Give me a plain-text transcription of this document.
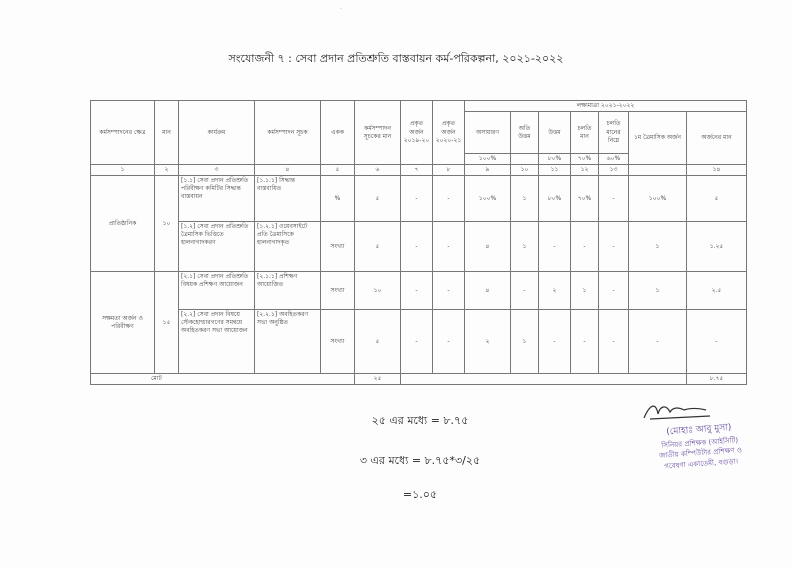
·
সংযোজনী ৭ : সেবা প্রদান প্রতিশ্রুতি বাস্তবায়ন কর্ম-পরিকল্পনা, ২০২১-২০২২
কর্মসম্পাদনের ক্ষেত্র	মান	কার্যক্রম	কর্মসম্পাদন সূচক	একক	কর্মসম্পাদন সূচকের মান	প্রকৃত অর্জন ২০১৯-২০	প্রকৃত অর্জন ২০২০-২১	লক্ষ্যমাত্রা ২০২১-২০২২						
								অসাধারণ	অতি উত্তম	উত্তম	চলতি মান	চলতি মানের নিম্নে	১ম ত্রৈমাসিক অর্জন	অর্জনের মান
								১০০%		৮০%	৭০%	৬০%		
১	২	৩	৪	৫	৬	৭	৮	৯	১০	১১	১২	১৩		১৪
প্রাতিষ্ঠানিক	১০	[১.১] সেবা প্রদান প্রতিশ্রুতি পরিবীক্ষণ কমিটির সিদ্ধান্ত বাস্তবায়ন	[১.১.১] সিদ্ধান্ত বাস্তবায়িত	%	৫	-	-	১০০%	১	৮০%	৭০%	-	১০০%	৫
		[১.২] সেবা প্রদান প্রতিশ্রুতি ত্রৈমাসিক ভিত্তিতে হালনাগাদকরণ	[১.২.১] ওয়েবসাইটে প্রতি ত্রৈমাসিকে হালনাগাদকৃত	সংখ্যা	৫	-	-	৪	১	-	-	-	১	১.২৫
সক্ষমতা অর্জন ও পরিবীক্ষণ	১৫	[২.১] সেবা প্রদান প্রতিশ্রুতি বিষয়ক প্রশিক্ষণ আয়োজন	[২.১.১] প্রশিক্ষণ আয়োজিত	সংখ্যা	১০	-	-	৪	-	২	১	-	১	২.৫
		[২.২] সেবা প্রদান বিষয়ে স্টেকহোল্ডারগণের সমন্বয়ে অবহিতকরণ সভা আয়োজন	[২.২.১] অবহিতকরণ সভা অনুষ্ঠিত	সংখ্যা	৫	-	-	২	১	-	-	-	-	-
মোট					২৫									৮.৭৫
২৫ এর মধ্যে = ৮.৭৫
৩ এর মধ্যে = ৮.৭৫*৩/২৫
=১.০৫
(মোহাঃ আবু মুসা)
সিনিয়র প্রশিক্ষক (আইসিটি)
জাতীয় কম্পিউটার প্রশিক্ষণ ও
গবেষণা একাডেমী, বগুড়া।
